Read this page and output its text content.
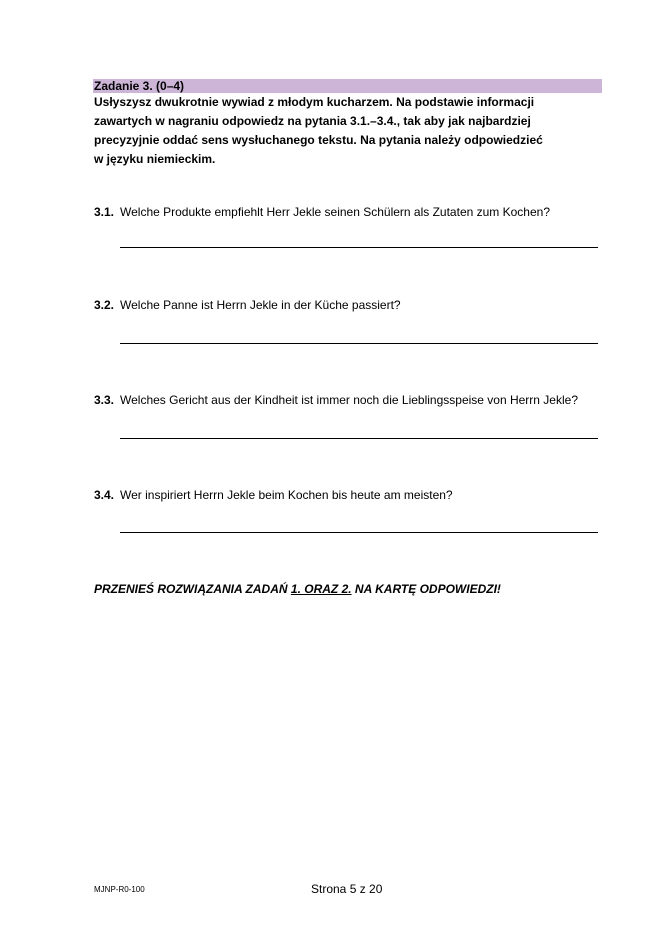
Zadanie 3. (0–4)

Usłyszysz dwukrotnie wywiad z młodym kucharzem. Na podstawie informacji

zawartych w nagraniu odpowiedz na pytania 3.1.–3.4., tak aby jak najbardziej

precyzyjnie oddać sens wysłuchanego tekstu. Na pytania należy odpowiedzieć

w języku niemieckim.

3.1. Welche Produkte empfiehlt Herr Jekle seinen Schülern als Zutaten zum Kochen?
3.2. Welche Panne ist Herrn Jekle in der Küche passiert?
3.3. Welches Gericht aus der Kindheit ist immer noch die Lieblingsspeise von Herrn Jekle?
3.4. Wer inspiriert Herrn Jekle beim Kochen bis heute am meisten?
PRZENIEŚ ROZWIĄZANIA ZADAŃ 1. ORAZ 2. NA KARTĘ ODPOWIEDZI!
MJNP-R0-100	Strona 5 z 20
